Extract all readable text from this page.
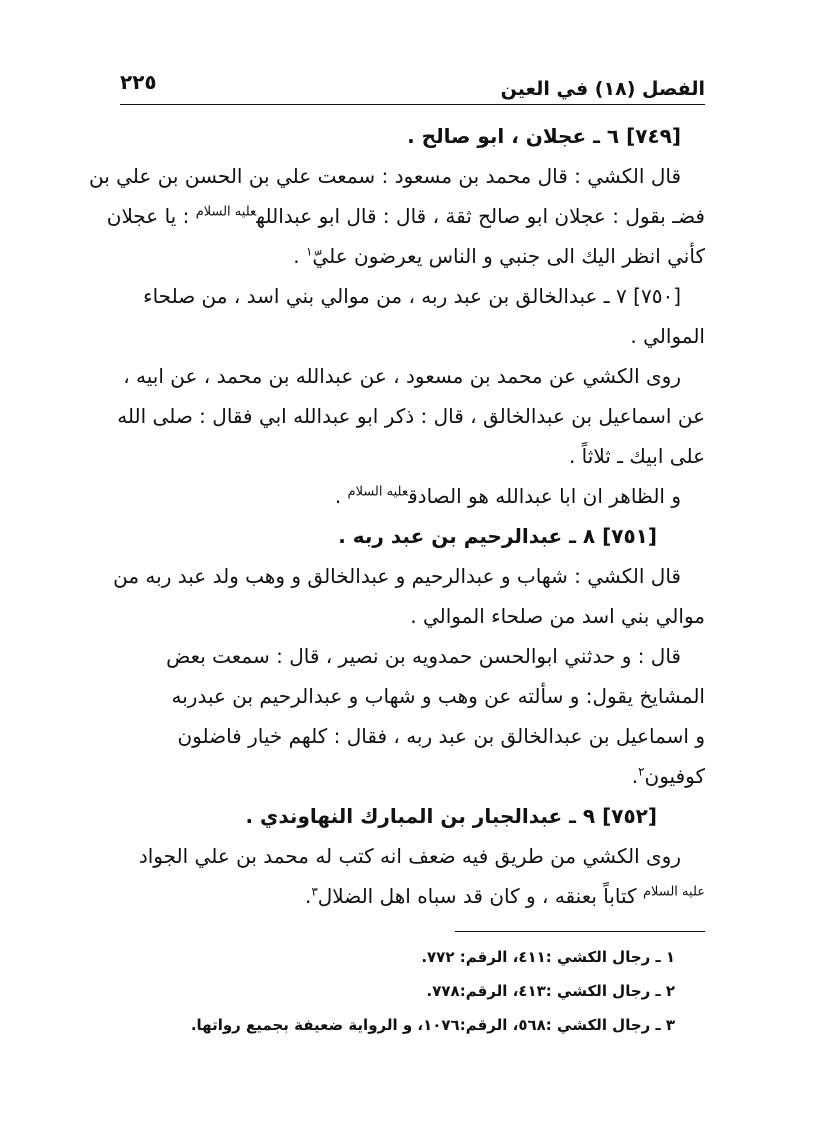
الفصل (١٨) في العين
٢٢٥
[٧٤٩] ٦ ـ عجلان ، ابو صالح .
قال الكشي : قال محمد بن مسعود : سمعت علي بن الحسن بن علي بن
فضـ بقول : عجلان ابو صالح ثقة ، قال : قال ابو عبدالله$^{عليه السلام}$ : يا عجلان
كأني انظر اليك الى جنبي و الناس يعرضون عليّ$^١$ .
[٧٥٠] ٧ ـ عبدالخالق بن عبد ربه ، من موالي بني اسد ، من صلحاء
الموالي .
روى الكشي عن محمد بن مسعود ، عن عبدالله بن محمد ، عن ابيه ،
عن اسماعيل بن عبدالخالق ، قال : ذكر ابو عبدالله ابي فقال : صلى الله
على ابيك ـ ثلاثاً .
و الظاهر ان ابا عبدالله هو الصادق$^{عليه السلام}$ .
[٧٥١] ٨ ـ عبدالرحيم بن عبد ربه .
قال الكشي : شهاب و عبدالرحيم و عبدالخالق و وهب ولد عبد ربه من
موالي بني اسد من صلحاء الموالي .
قال : و حدثني ابوالحسن حمدويه بن نصير ، قال : سمعت بعض
المشايخ يقول: و سألته عن وهب و شهاب و عبدالرحيم بن عبدربه
و اسماعيل بن عبدالخالق بن عبد ربه ، فقال : كلهم خيار فاضلون
كوفيون$^٢$.
[٧٥٢] ٩ ـ عبدالجبار بن المبارك النهاوندي .
روى الكشي من طريق فيه ضعف انه كتب له محمد بن علي الجواد
$^{عليه السلام}$ كتاباً بعنقه ، و كان قد سباه اهل الضلال$^٣$.
١ ـ رجال الكشي :٤١١، الرقم: ٧٧٢.
٢ ـ رجال الكشي :٤١٣، الرقم:٧٧٨.
٣ ـ رجال الكشي :٥٦٨، الرقم:١٠٧٦، و الرواية ضعيفة بجميع رواتها.
